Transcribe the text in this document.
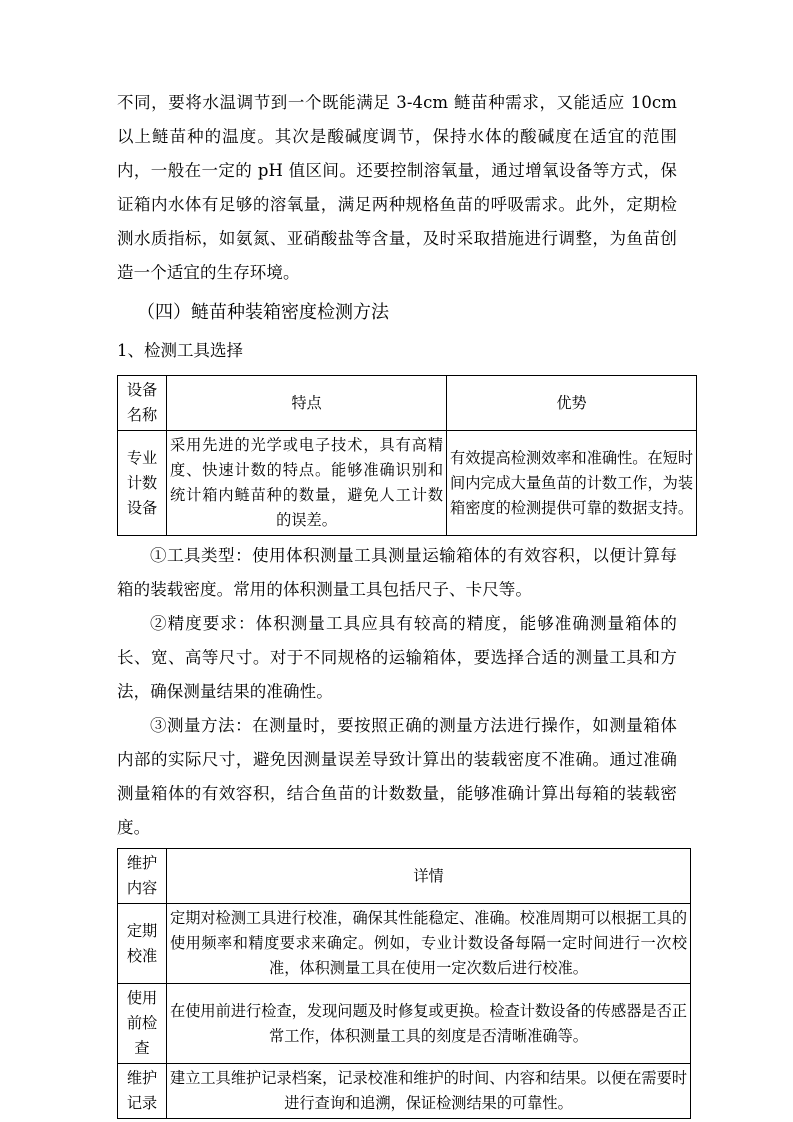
不同，要将水温调节到一个既能满足 3-4cm 鲢苗种需求，又能适应 10cm 以上鲢苗种的温度。其次是酸碱度调节，保持水体的酸碱度在适宜的范围内，一般在一定的 pH 值区间。还要控制溶氧量，通过增氧设备等方式，保证箱内水体有足够的溶氧量，满足两种规格鱼苗的呼吸需求。此外，定期检测水质指标，如氨氮、亚硝酸盐等含量，及时采取措施进行调整，为鱼苗创造一个适宜的生存环境。

（四）鲢苗种装箱密度检测方法
1、检测工具选择
设备名称	特点	优势
专业计数设备	采用先进的光学或电子技术，具有高精度、快速计数的特点。能够准确识别和统计箱内鲢苗种的数量，避免人工计数的误差。	有效提高检测效率和准确性。在短时间内完成大量鱼苗的计数工作，为装箱密度的检测提供可靠的数据支持。

①工具类型：使用体积测量工具测量运输箱体的有效容积，以便计算每箱的装载密度。常用的体积测量工具包括尺子、卡尺等。

②精度要求：体积测量工具应具有较高的精度，能够准确测量箱体的长、宽、高等尺寸。对于不同规格的运输箱体，要选择合适的测量工具和方法，确保测量结果的准确性。

③测量方法：在测量时，要按照正确的测量方法进行操作，如测量箱体内部的实际尺寸，避免因测量误差导致计算出的装载密度不准确。通过准确测量箱体的有效容积，结合鱼苗的计数数量，能够准确计算出每箱的装载密度。

维护内容	详情
定期校准	定期对检测工具进行校准，确保其性能稳定、准确。校准周期可以根据工具的使用频率和精度要求来确定。例如，专业计数设备每隔一定时间进行一次校准，体积测量工具在使用一定次数后进行校准。
使用前检查	在使用前进行检查，发现问题及时修复或更换。检查计数设备的传感器是否正常工作，体积测量工具的刻度是否清晰准确等。
维护记录	建立工具维护记录档案，记录校准和维护的时间、内容和结果。以便在需要时进行查询和追溯，保证检测结果的可靠性。
